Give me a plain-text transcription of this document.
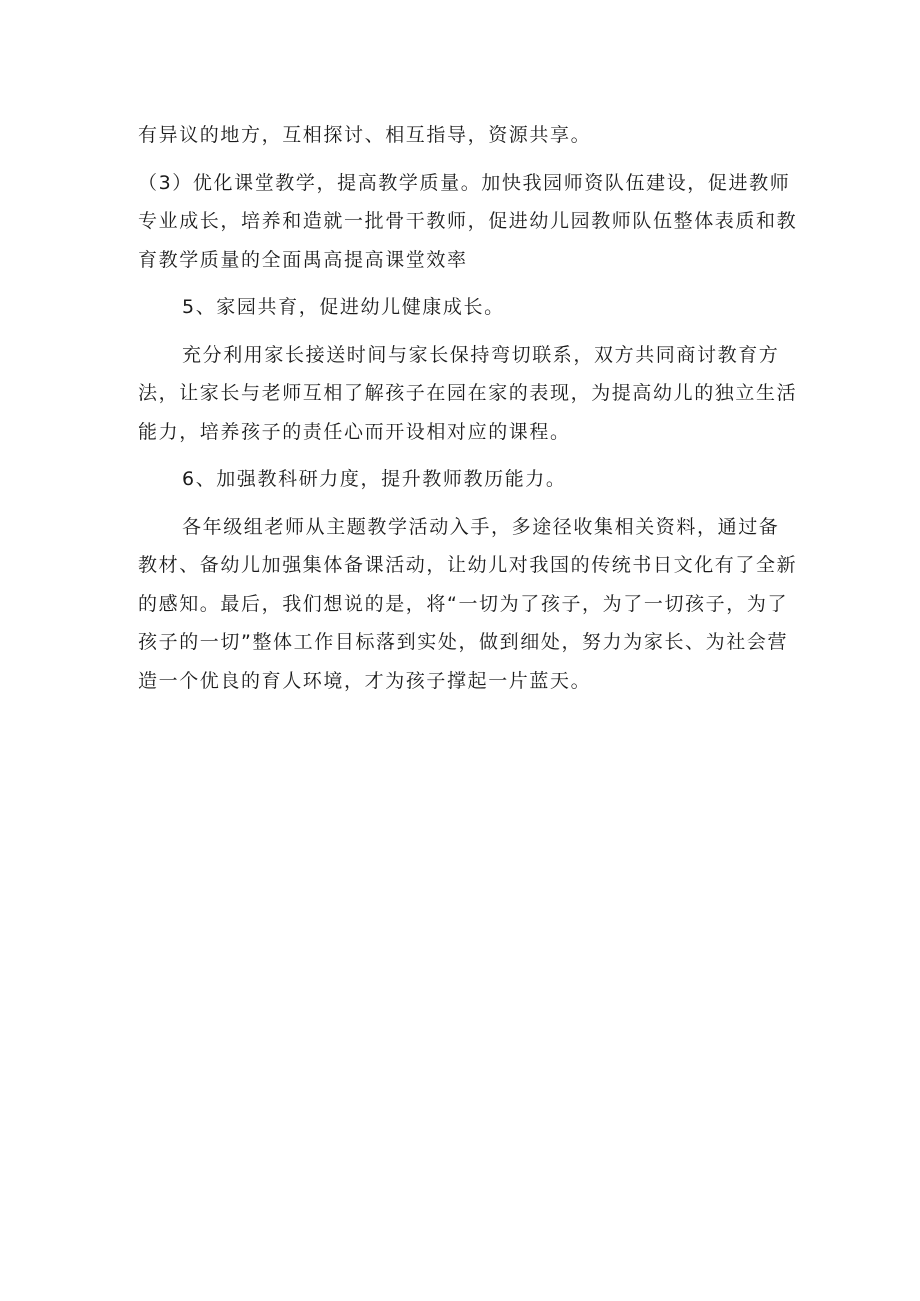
有异议的地方，互相探讨、相互指导，资源共享。

（3）优化课堂教学，提高教学质量。加快我园师资队伍建设，促进教师专业成长，培养和造就一批骨干教师，促进幼儿园教师队伍整体表质和教育教学质量的全面禺高提高课堂效率

5、家园共育，促进幼儿健康成长。

充分利用家长接送时间与家长保持弯切联系，双方共同商讨教育方法，让家长与老师互相了解孩子在园在家的表现，为提高幼儿的独立生活能力，培养孩子的责任心而开设相对应的课程。

6、加强教科研力度，提升教师教历能力。

各年级组老师从主题教学活动入手，多途径收集相关资料，通过备教材、备幼儿加强集体备课活动，让幼儿对我国的传统书日文化有了全新的感知。最后，我们想说的是，将“一切为了孩子，为了一切孩子，为了孩子的一切”整体工作目标落到实处，做到细处，努力为家长、为社会营造一个优良的育人环境，才为孩子撑起一片蓝天。
